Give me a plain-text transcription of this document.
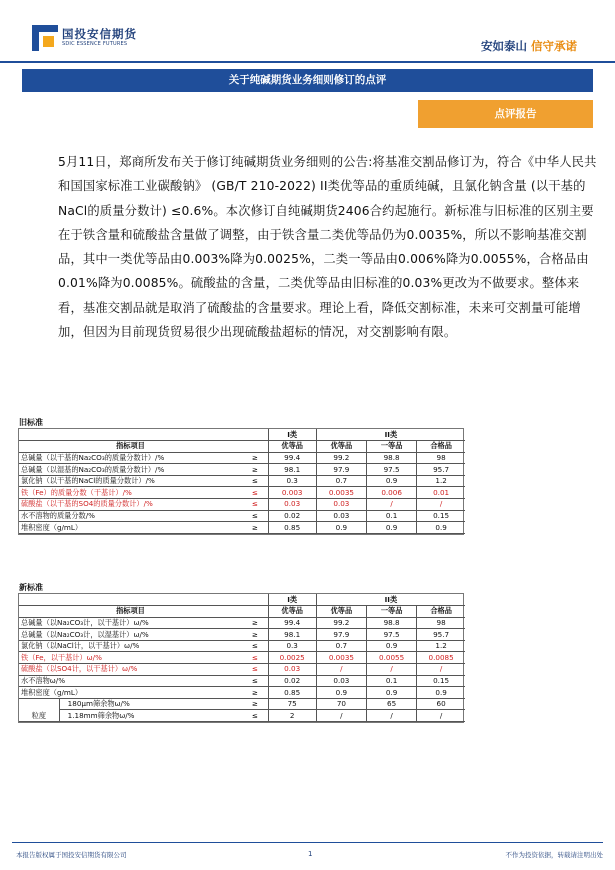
国投安信期货
SDIC ESSENCE FUTURES	安如泰山 信守承诺
关于纯碱期货业务细则修订的点评
点评报告

5月11日，郑商所发布关于修订纯碱期货业务细则的公告:将基准交割品修订为，符合《中华人民共和国国家标准工业碳酸钠》 (GB/T 210-2022) II类优等品的重质纯碱，且氯化钠含量 (以干基的NaCl的质量分数计) ≤0.6%。本次修订自纯碱期货2406合约起施行。新标准与旧标准的区别主要在于铁含量和硫酸盐含量做了调整，由于铁含量二类优等品仍为0.0035%，所以不影响基准交割品，其中一类优等品由0.003%降为0.0025%，二类一等品由0.006%降为0.0055%，合格品由0.01%降为0.0085%。硫酸盐的含量，二类优等品由旧标准的0.03%更改为不做要求。整体来看，基准交割品就是取消了硫酸盐的含量要求。理论上看，降低交割标准，未来可交割量可能增加，但因为目前现货贸易很少出现硫酸盐超标的情况，对交割影响有限。

旧标准
		I类	II类		
指标项目		优等品	优等品	一等品	合格品
总碱量（以干基的Na₂CO₃的质量分数计）/%	≥	99.4	99.2	98.8	98
总碱量（以湿基的Na₂CO₃的质量分数计）/%	≥	98.1	97.9	97.5	95.7
氯化钠（以干基的NaCl的质量分数计）/%	≤	0.3	0.7	0.9	1.2
铁（Fe）的质量分数（干基计）/%	≤	0.003	0.0035	0.006	0.01
硫酸盐（以干基的SO4的质量分数计）/%	≤	0.03	0.03	/	/
水不溶物的质量分数/%	≤	0.02	0.03	0.1	0.15
堆积密度（g/mL）	≥	0.85	0.9	0.9	0.9
新标准
			I类	II类		
指标项目			优等品	优等品	一等品	合格品
总碱量（以Na₂CO₃计，以干基计）ω/%		≥	99.4	99.2	98.8	98
总碱量（以Na₂CO₃计，以湿基计）ω/%		≥	98.1	97.9	97.5	95.7
氯化钠（以NaCl计，以干基计）ω/%		≤	0.3	0.7	0.9	1.2
铁（Fe，以干基计）ω/%		≤	0.0025	0.0035	0.0055	0.0085
硫酸盐（以SO4计，以干基计）ω/%		≤	0.03	/	/	/
水不溶物ω/%		≤	0.02	0.03	0.1	0.15
堆积密度（g/mL）		≥	0.85	0.9	0.9	0.9
粒度	180μm筛余物ω/%	≥	75	70	65	60
	1.18mm筛余物ω/%	≤	2	/	/	/
本报告版权属于国投安信期货有限公司	1	不作为投资依据，转载请注明出处
